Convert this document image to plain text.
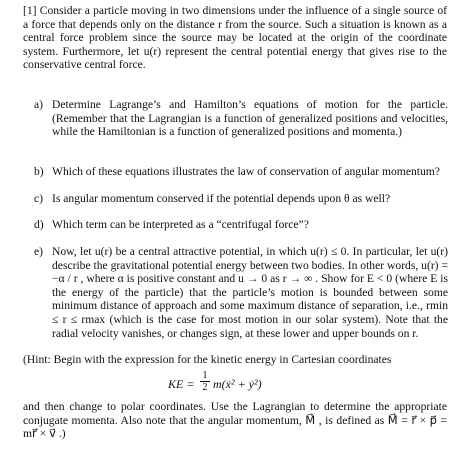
[1] Consider a particle moving in two dimensions under the influence of a single source of a force that depends only on the distance r from the source. Such a situation is known as a central force problem since the source may be located at the origin of the coordinate system. Furthermore, let u(r) represent the central potential energy that gives rise to the conservative central force.

a) Determine Lagrange’s and Hamilton’s equations of motion for the particle. (Remember that the Lagrangian is a function of generalized positions and velocities, while the Hamiltonian is a function of generalized positions and momenta.)
b) Which of these equations illustrates the law of conservation of angular momentum?
c) Is angular momentum conserved if the potential depends upon θ as well?
d) Which term can be interpreted as a “centrifugal force”?
e) Now, let u(r) be a central attractive potential, in which u(r) ≤ 0. In particular, let u(r) describe the gravitational potential energy between two bodies. In other words, u(r) = −α / r , where α is positive constant and u → 0 as r → ∞ . Show for E < 0 (where E is the energy of the particle) that the particle’s motion is bounded between some minimum distance of approach and some maximum distance of separation, i.e., rmin ≤ r ≤ rmax (which is the case for most motion in our solar system). Note that the radial velocity vanishes, or changes sign, at these lower and upper bounds on r.

(Hint: Begin with the expression for the kinetic energy in Cartesian coordinates

KE =
1
2 m(ẋ² + ẏ²)

and then change to polar coordinates. Use the Lagrangian to determine the appropriate conjugate momenta. Also note that the angular momentum, M⃗ , is defined as M⃗ = r⃗ × p⃗ = mr⃗ × v⃗ .)
